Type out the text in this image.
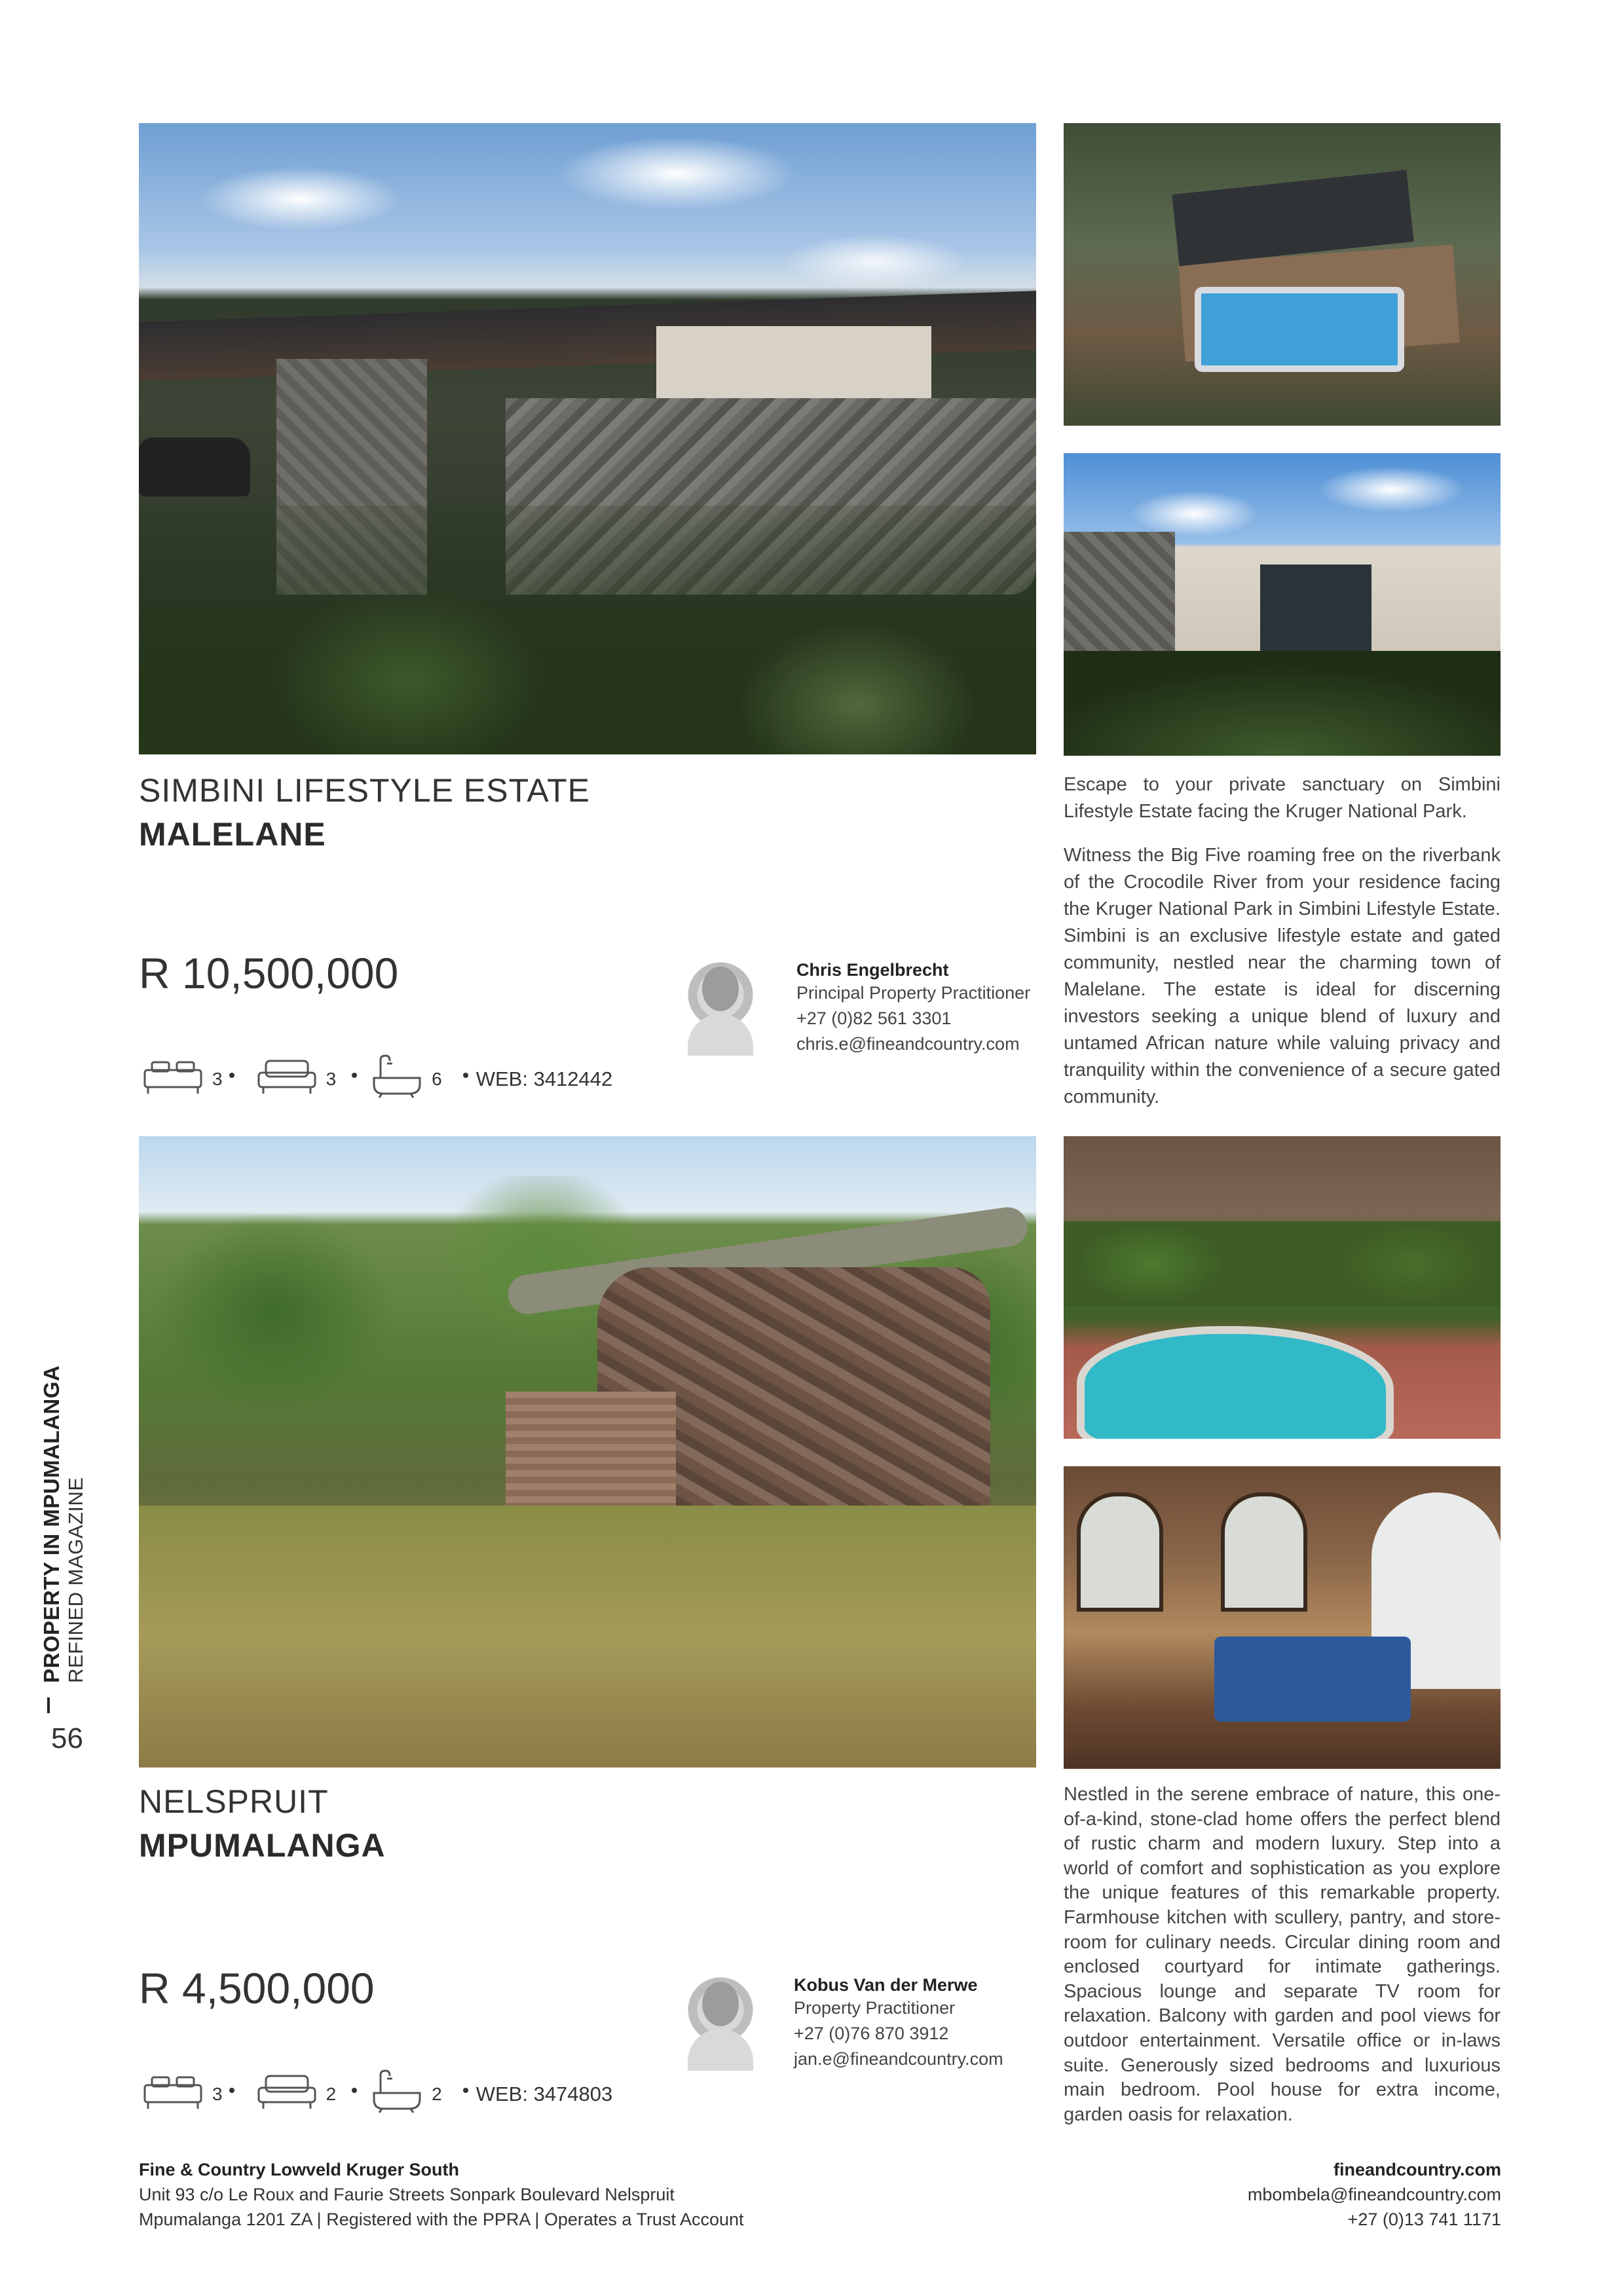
PROPERTY IN MPUMALANGA
REFINED MAGAZINE
56
SIMBINI LIFESTYLE ESTATE
MALELANE
R 10,500,000
3	3	6 WEB: 3412442
Chris Engelbrecht
Principal Property Practitioner
+27 (0)82 561 3301
chris.e@fineandcountry.com

Escape to your private sanctuary on Simbini Lifestyle Estate facing the Kruger National Park.

Witness the Big Five roaming free on the riverbank of the Crocodile River from your residence facing the Kruger National Park in Simbini Lifestyle Estate. Simbini is an exclusive lifestyle estate and gated community, nestled near the charming town of Malelane. The estate is ideal for discerning investors seeking a unique blend of luxury and untamed African nature while valuing privacy and tranquility within the convenience of a secure gated community.

NELSPRUIT
MPUMALANGA
R 4,500,000
3	2	2 WEB: 3474803
Kobus Van der Merwe
Property Practitioner
+27 (0)76 870 3912
jan.e@fineandcountry.com

Nestled in the serene embrace of nature, this one-of-a-kind, stone-clad home offers the perfect blend of rustic charm and modern luxury. Step into a world of comfort and sophistication as you explore the unique features of this remarkable property. Farmhouse kitchen with scullery, pantry, and store-room for culinary needs. Circular dining room and enclosed courtyard for intimate gatherings. Spacious lounge and separate TV room for relaxation. Balcony with garden and pool views for outdoor entertainment. Versatile office or in-laws suite. Generously sized bedrooms and luxurious main bedroom. Pool house for extra income, garden oasis for relaxation.

Fine & Country Lowveld Kruger South
Unit 93 c/o Le Roux and Faurie Streets Sonpark Boulevard Nelspruit
Mpumalanga 1201 ZA | Registered with the PPRA | Operates a Trust Account
fineandcountry.com
mbombela@fineandcountry.com
+27 (0)13 741 1171
